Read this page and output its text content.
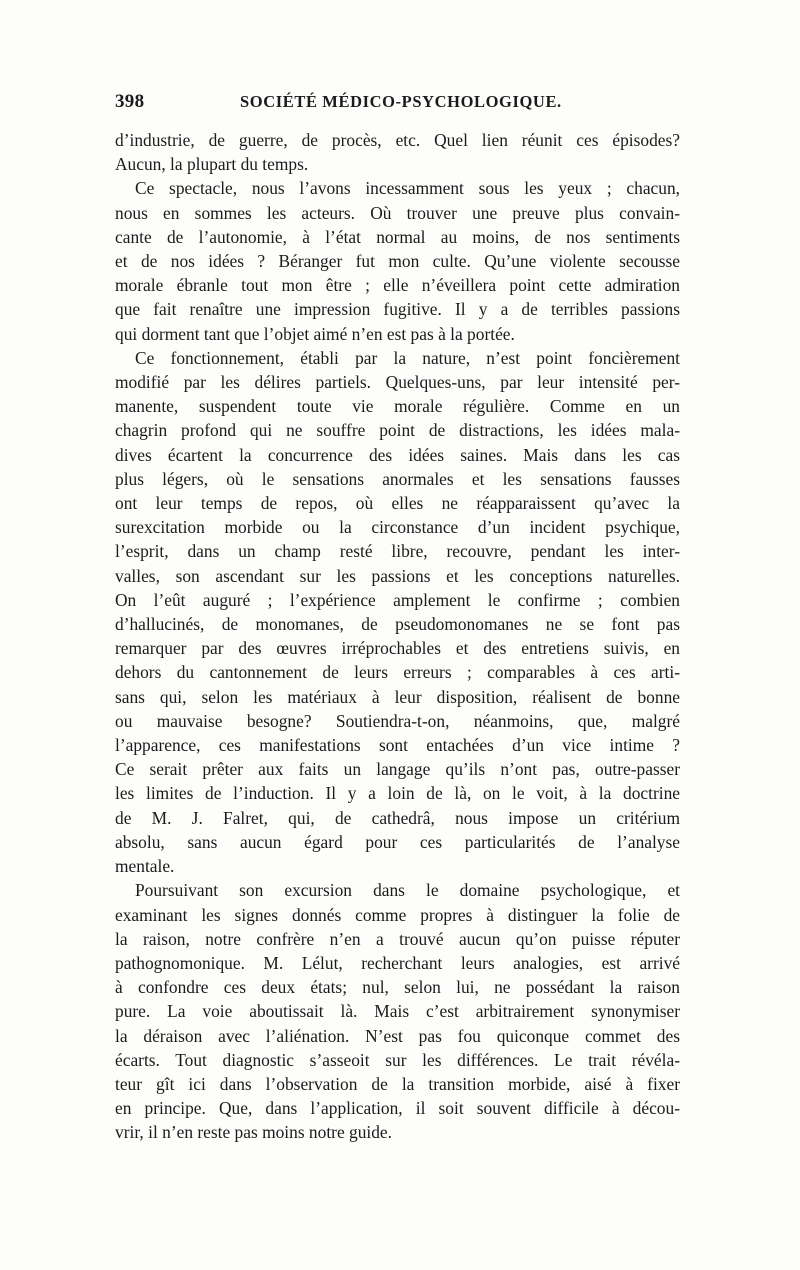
398	SOCIÉTÉ MÉDICO-PSYCHOLOGIQUE.
d’industrie, de guerre, de procès, etc. Quel lien réunit ces épisodes?
Aucun, la plupart du temps.
Ce spectacle, nous l’avons incessamment sous les yeux ; chacun,
nous en sommes les acteurs. Où trouver une preuve plus convain-
cante de l’autonomie, à l’état normal au moins, de nos sentiments
et de nos idées ? Béranger fut mon culte. Qu’une violente secousse
morale ébranle tout mon être ; elle n’éveillera point cette admiration
que fait renaître une impression fugitive. Il y a de terribles passions
qui dorment tant que l’objet aimé n’en est pas à la portée.
Ce fonctionnement, établi par la nature, n’est point foncièrement
modifié par les délires partiels. Quelques-uns, par leur intensité per-
manente, suspendent toute vie morale régulière. Comme en un
chagrin profond qui ne souffre point de distractions, les idées mala-
dives écartent la concurrence des idées saines. Mais dans les cas
plus légers, où le sensations anormales et les sensations fausses
ont leur temps de repos, où elles ne réapparaissent qu’avec la
surexcitation morbide ou la circonstance d’un incident psychique,
l’esprit, dans un champ resté libre, recouvre, pendant les inter-
valles, son ascendant sur les passions et les conceptions naturelles.
On l’eût auguré ; l’expérience amplement le confirme ; combien
d’hallucinés, de monomanes, de pseudomonomanes ne se font pas
remarquer par des œuvres irréprochables et des entretiens suivis, en
dehors du cantonnement de leurs erreurs ; comparables à ces arti-
sans qui, selon les matériaux à leur disposition, réalisent de bonne
ou mauvaise besogne? Soutiendra-t-on, néanmoins, que, malgré
l’apparence, ces manifestations sont entachées d’un vice intime ?
Ce serait prêter aux faits un langage qu’ils n’ont pas, outre-passer
les limites de l’induction. Il y a loin de là, on le voit, à la doctrine
de M. J. Falret, qui, de cathedrâ, nous impose un critérium
absolu, sans aucun égard pour ces particularités de l’analyse
mentale.
Poursuivant son excursion dans le domaine psychologique, et
examinant les signes donnés comme propres à distinguer la folie de
la raison, notre confrère n’en a trouvé aucun qu’on puisse réputer
pathognomonique. M. Lélut, recherchant leurs analogies, est arrivé
à confondre ces deux états; nul, selon lui, ne possédant la raison
pure. La voie aboutissait là. Mais c’est arbitrairement synonymiser
la déraison avec l’aliénation. N’est pas fou quiconque commet des
écarts. Tout diagnostic s’asseoit sur les différences. Le trait révéla-
teur gît ici dans l’observation de la transition morbide, aisé à fixer
en principe. Que, dans l’application, il soit souvent difficile à décou-
vrir, il n’en reste pas moins notre guide.
